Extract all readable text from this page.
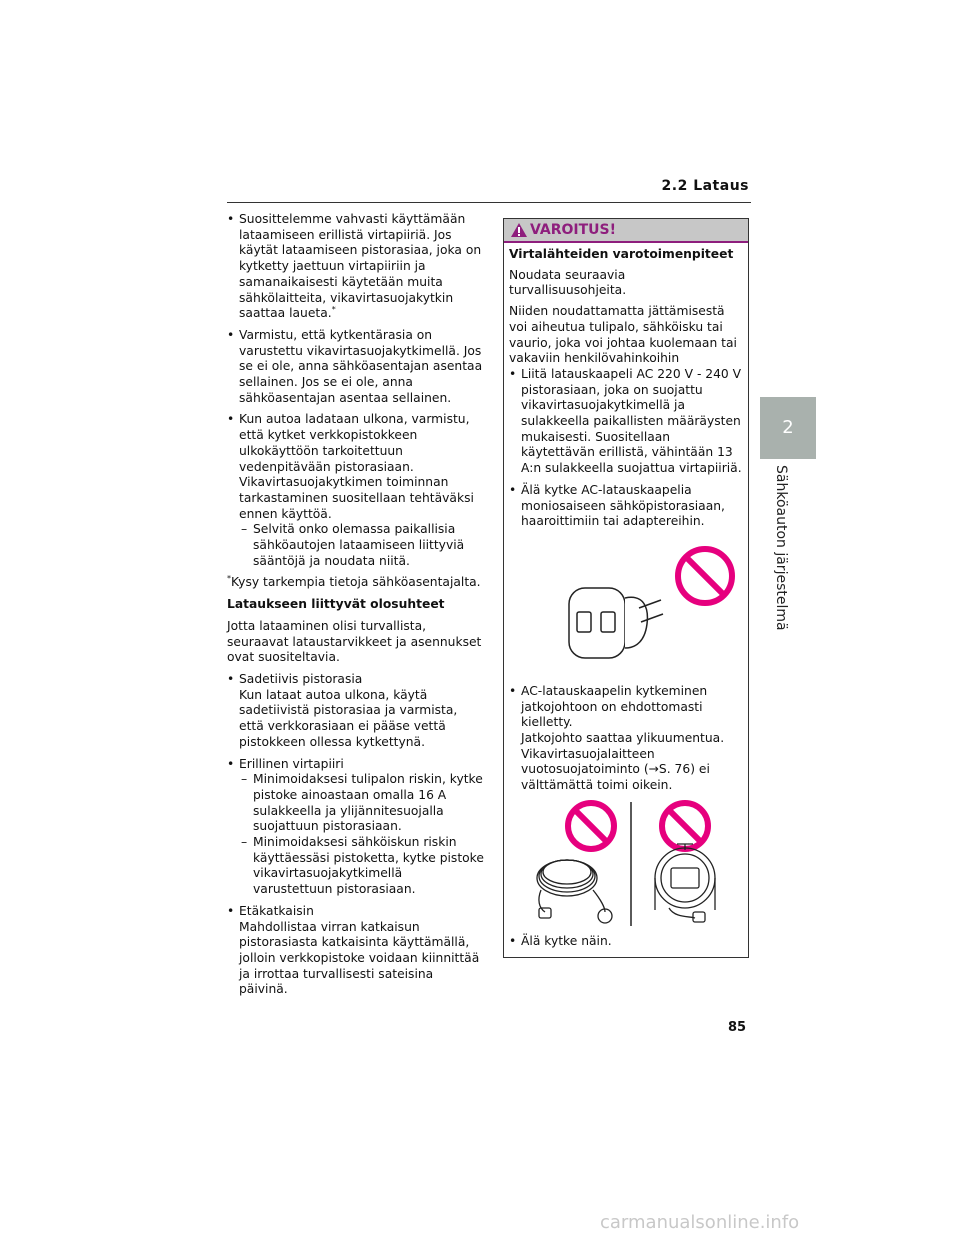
2.2 Lataus
2
Sähköauton järjestelmä
• Suosittelemme vahvasti käyttämään lataamiseen erillistä virtapiiriä. Jos käytät lataamiseen pistorasiaa, joka on kytketty jaettuun virtapiiriin ja samanaikaisesti käytetään muita sähkölaitteita, vikavirtasuojakytkin saattaa laueta.*
• Varmistu, että kytkentärasia on varustettu vikavirtasuojakytkimellä. Jos se ei ole, anna sähköasentajan asentaa sellainen. Jos se ei ole, anna sähköasentajan asentaa sellainen.
• Kun autoa ladataan ulkona, varmistu, että kytket verkkopistokkeen ulkokäyttöön tarkoitettuun vedenpitävään pistorasiaan. Vikavirtasuojakytkimen toiminnan tarkastaminen suositellaan tehtäväksi ennen käyttöä.
– Selvitä onko olemassa paikallisia sähköautojen lataamiseen liittyviä sääntöjä ja noudata niitä.
*Kysy tarkempia tietoja sähköasentajalta.
Lataukseen liittyvät olosuhteet
Jotta lataaminen olisi turvallista, seuraavat lataustarvikkeet ja asennukset ovat suositeltavia.
• Sadetiivis pistorasia
Kun lataat autoa ulkona, käytä sadetiivistä pistorasiaa ja varmista, että verkkorasiaan ei pääse vettä pistokkeen ollessa kytkettynä.
• Erillinen virtapiiri
– Minimoidaksesi tulipalon riskin, kytke pistoke ainoastaan omalla 16 A sulakkeella ja ylijännitesuojalla suojattuun pistorasiaan.
– Minimoidaksesi sähköiskun riskin käyttäessäsi pistoketta, kytke pistoke vikavirtasuojakytkimellä varustettuun pistorasiaan.
• Etäkatkaisin
Mahdollistaa virran katkaisun pistorasiasta katkaisinta käyttämällä, jolloin verkkopistoke voidaan kiinnittää ja irrottaa turvallisesti sateisina päivinä.
VAROITUS!
Virtalähteiden varotoimenpiteet
Noudata seuraavia turvallisuusohjeita.
Niiden noudattamatta jättämisestä voi aiheutua tulipalo, sähköisku tai vaurio, joka voi johtaa kuolemaan tai vakaviin henkilövahinkoihin
• Liitä latauskaapeli AC 220 V - 240 V pistorasiaan, joka on suojattu vikavirtasuojakytkimellä ja sulakkeella paikallisten määräysten mukaisesti. Suositellaan käytettävän erillistä, vähintään 13 A:n sulakkeella suojattua virtapiiriä.
• Älä kytke AC-latauskaapelia moniosaiseen sähköpistorasiaan, haaroittimiin tai adaptereihin.
• AC-latauskaapelin kytkeminen jatkojohtoon on ehdottomasti kielletty.
Jatkojohto saattaa ylikuumentua. Vikavirtasuojalaitteen vuotosuojatoiminto (→S. 76) ei välttämättä toimi oikein.
• Älä kytke näin.
85
carmanualsonline.info
